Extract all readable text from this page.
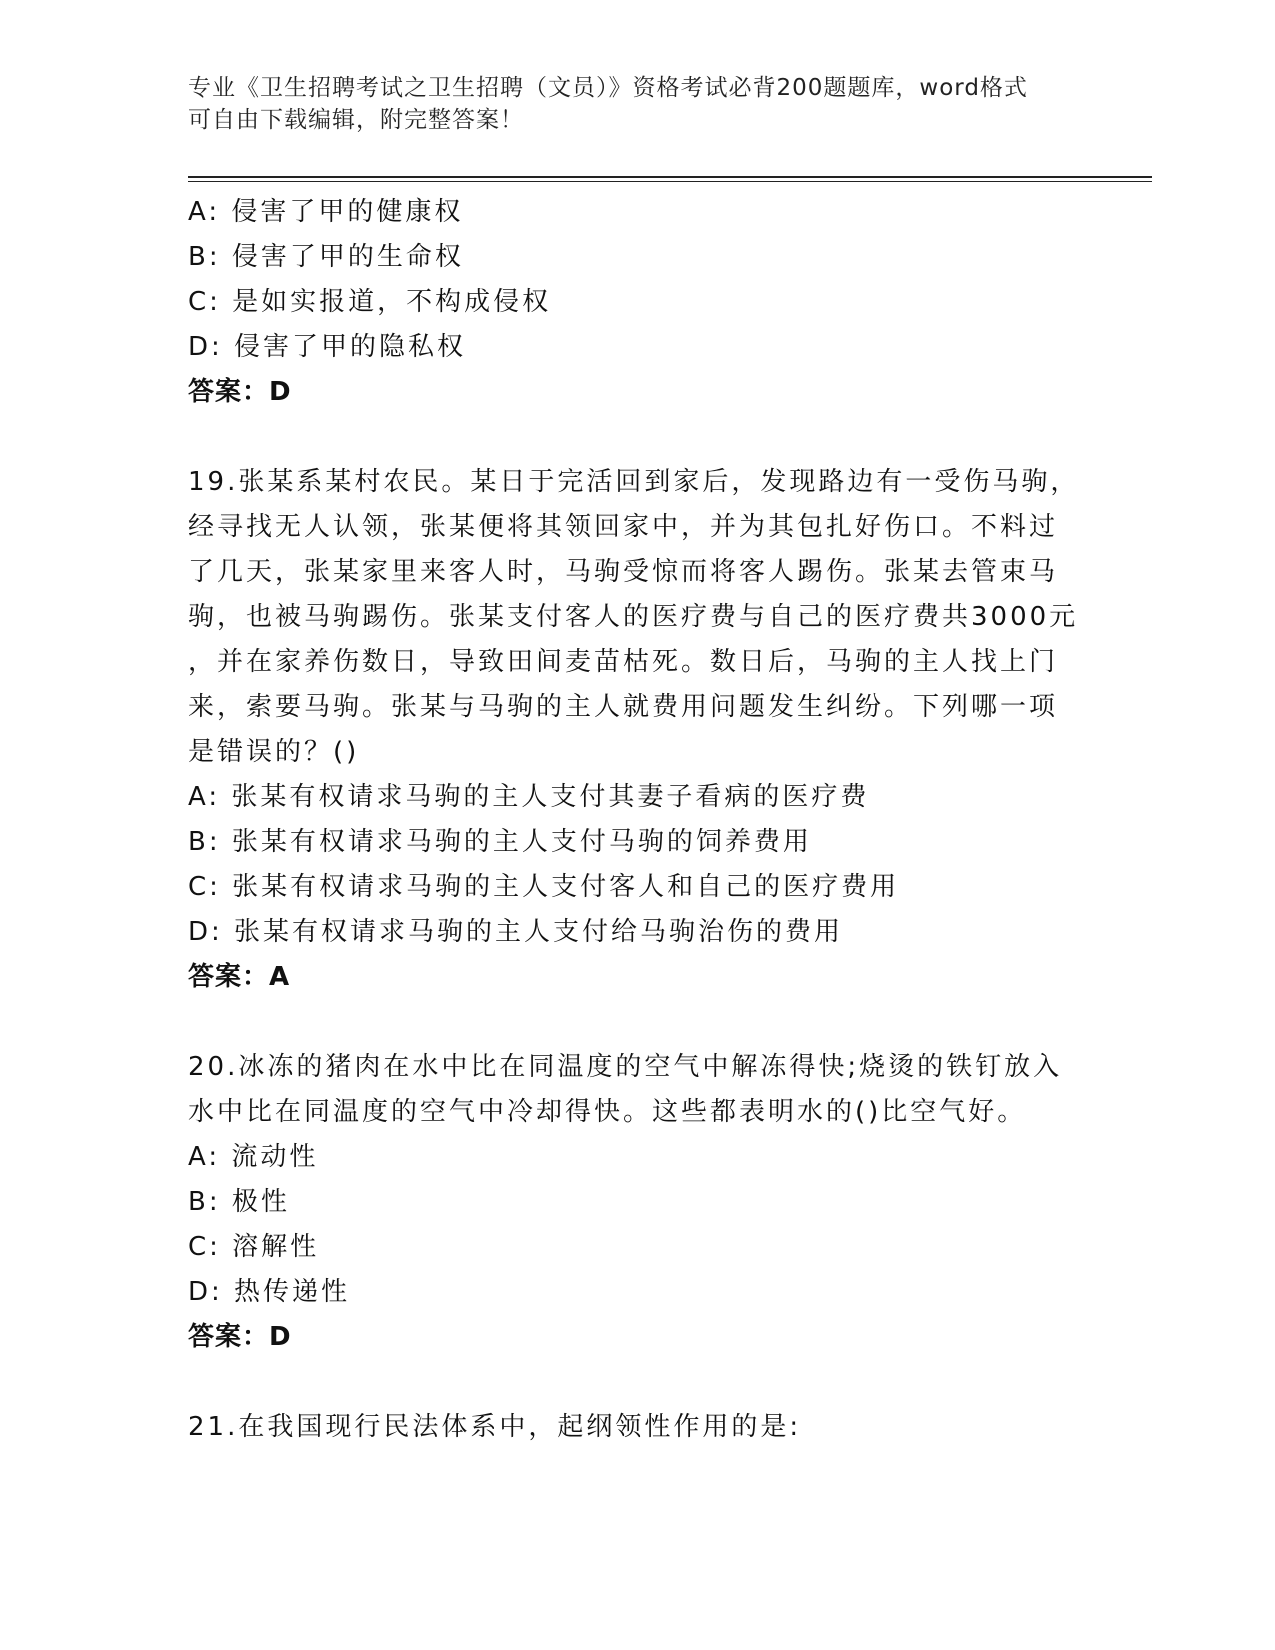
专业《卫生招聘考试之卫生招聘（文员）》资格考试必背200题题库，word格式
可自由下载编辑，附完整答案！
A: 侵害了甲的健康权
B: 侵害了甲的生命权
C: 是如实报道，不构成侵权
D: 侵害了甲的隐私权
答案：D
19.张某系某村农民。某日于完活回到家后，发现路边有一受伤马驹，
经寻找无人认领，张某便将其领回家中，并为其包扎好伤口。不料过
了几天，张某家里来客人时，马驹受惊而将客人踢伤。张某去管束马
驹，也被马驹踢伤。张某支付客人的医疗费与自己的医疗费共3000元
，并在家养伤数日，导致田间麦苗枯死。数日后，马驹的主人找上门
来，索要马驹。张某与马驹的主人就费用问题发生纠纷。下列哪一项
是错误的？()
A: 张某有权请求马驹的主人支付其妻子看病的医疗费
B: 张某有权请求马驹的主人支付马驹的饲养费用
C: 张某有权请求马驹的主人支付客人和自己的医疗费用
D: 张某有权请求马驹的主人支付给马驹治伤的费用
答案：A
20.冰冻的猪肉在水中比在同温度的空气中解冻得快;烧烫的铁钉放入
水中比在同温度的空气中冷却得快。这些都表明水的()比空气好。
A: 流动性
B: 极性
C: 溶解性
D: 热传递性
答案：D
21.在我国现行民法体系中，起纲领性作用的是:
